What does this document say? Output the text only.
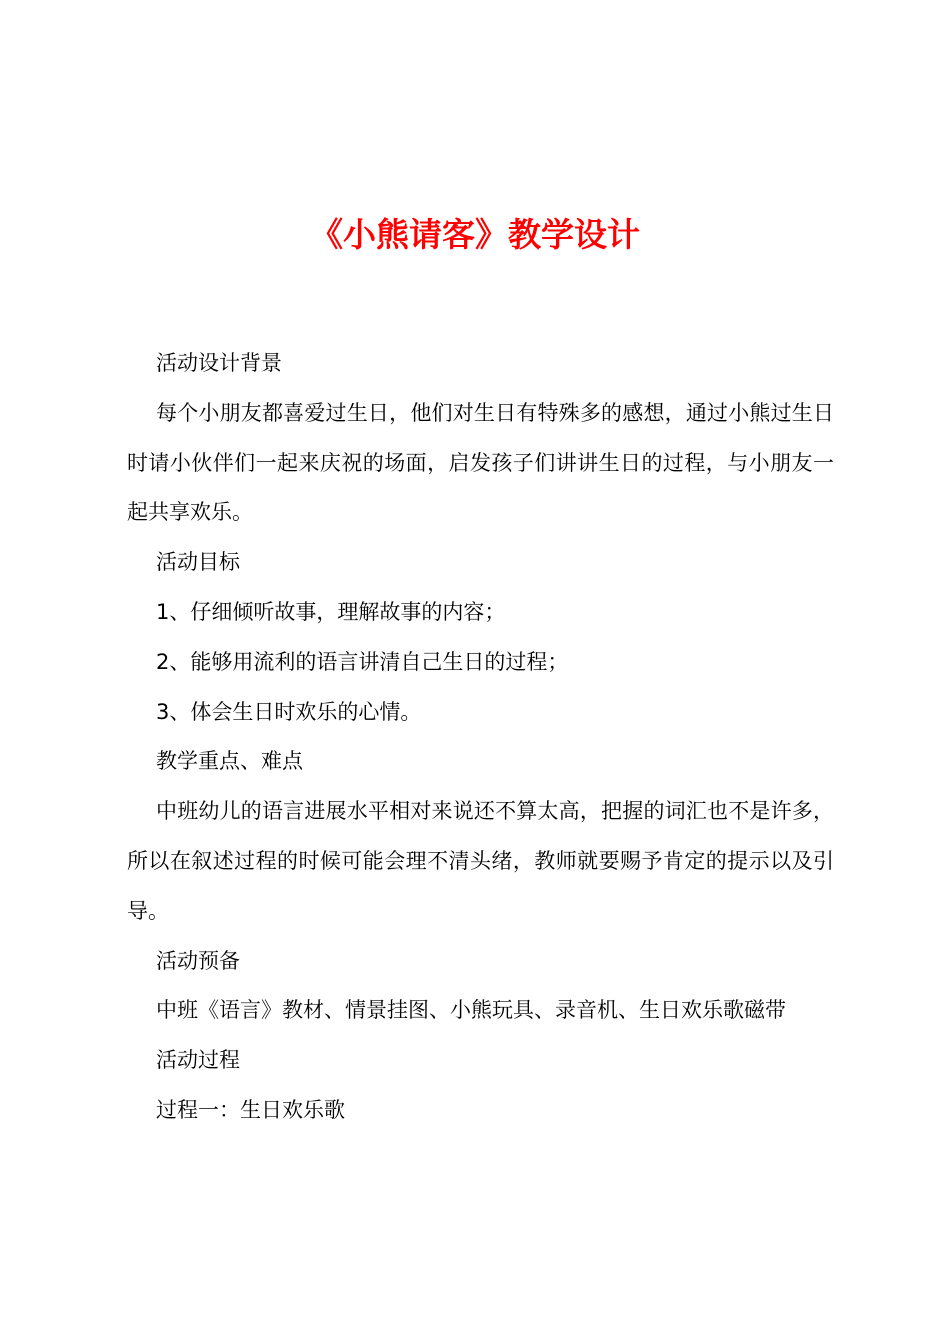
《小熊请客》教学设计

活动设计背景

每个小朋友都喜爱过生日，他们对生日有特殊多的感想，通过小熊过生日时请小伙伴们一起来庆祝的场面，启发孩子们讲讲生日的过程，与小朋友一起共享欢乐。

活动目标

1、仔细倾听故事，理解故事的内容；

2、能够用流利的语言讲清自己生日的过程；

3、体会生日时欢乐的心情。

教学重点、难点

中班幼儿的语言进展水平相对来说还不算太高，把握的词汇也不是许多，所以在叙述过程的时候可能会理不清头绪，教师就要赐予肯定的提示以及引导。

活动预备

中班《语言》教材、情景挂图、小熊玩具、录音机、生日欢乐歌磁带

活动过程

过程一：生日欢乐歌
